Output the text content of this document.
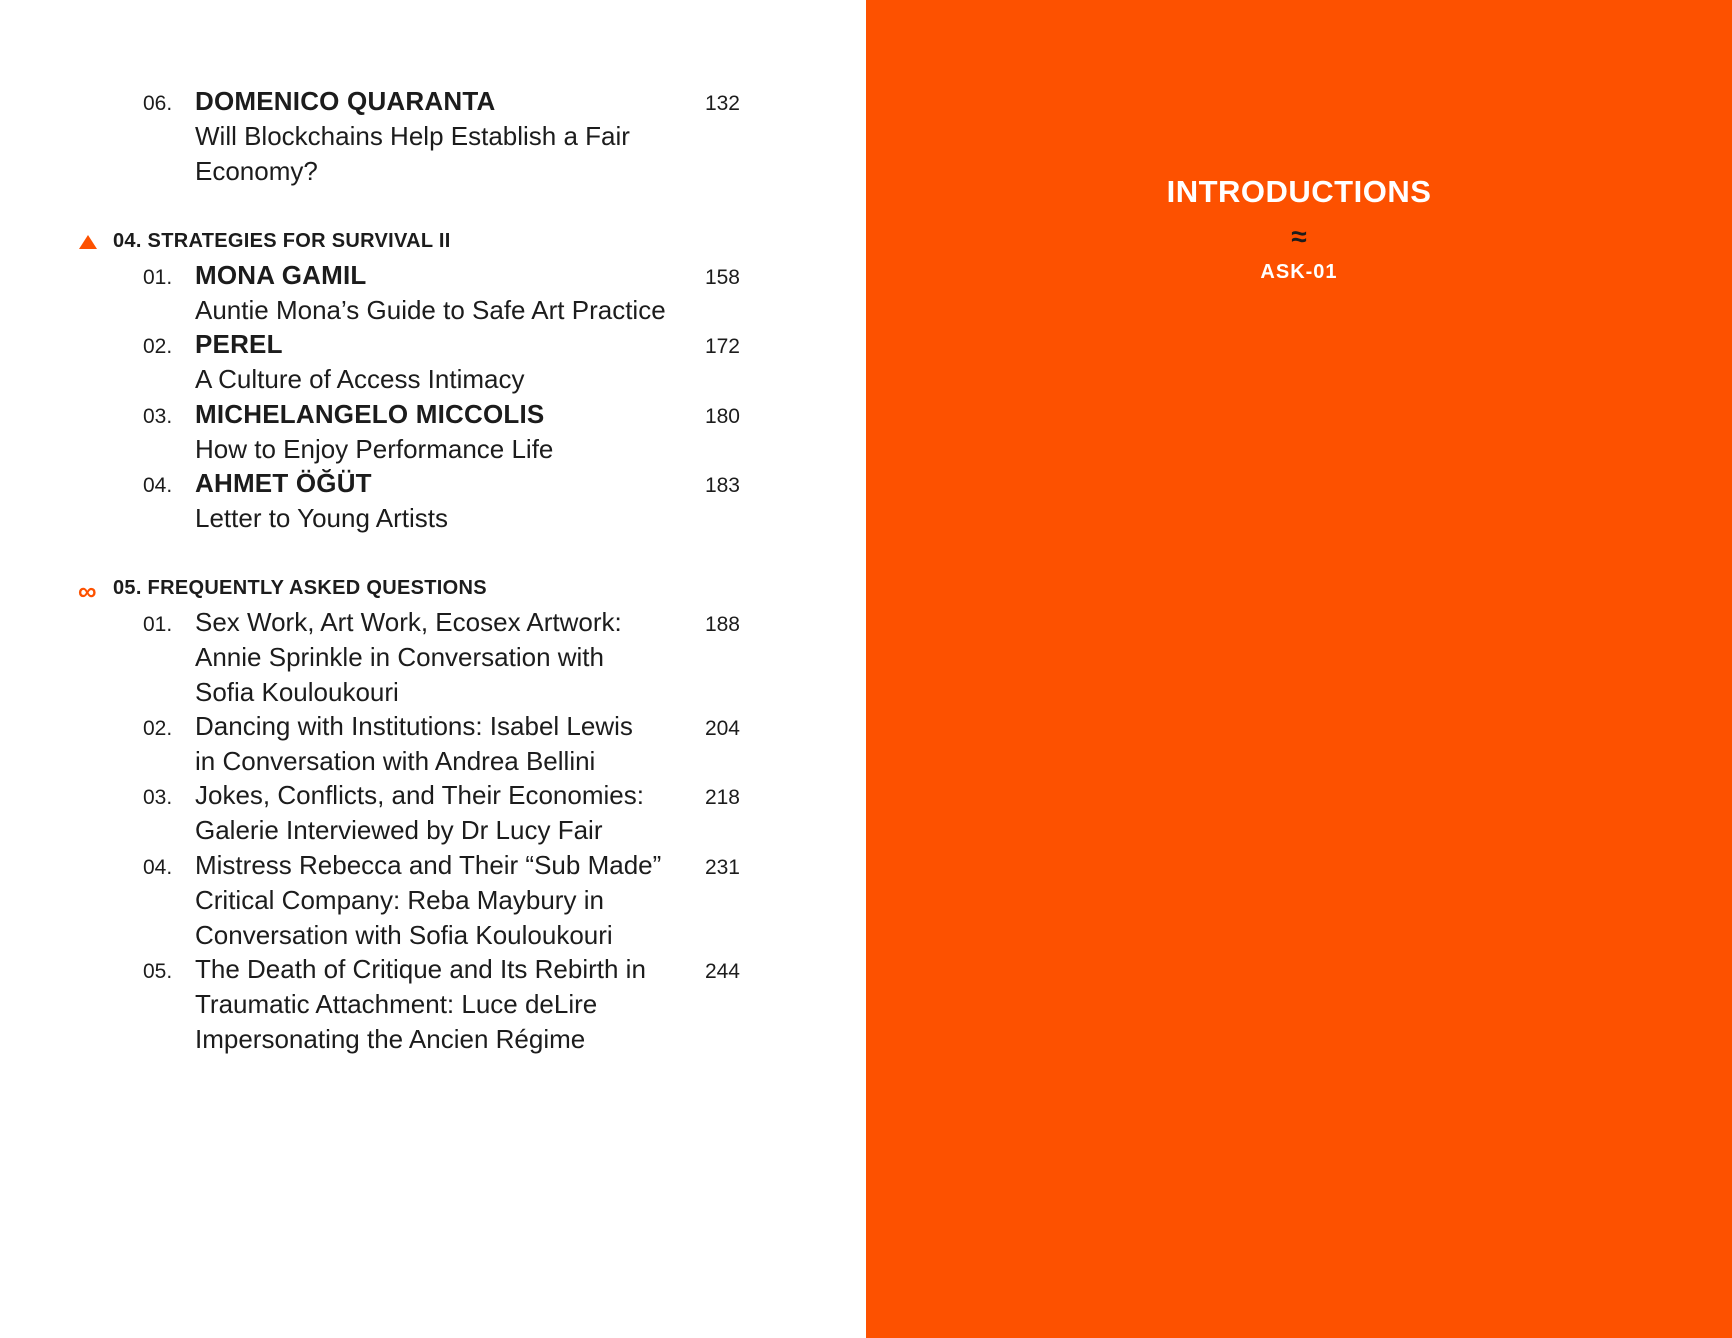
06. DOMENICO QUARANTA
Will Blockchains Help Establish a Fair
Economy?
132
04. STRATEGIES FOR SURVIVAL II
01. MONA GAMIL
Auntie Mona’s Guide to Safe Art Practice
158
02. PEREL
A Culture of Access Intimacy
172
03. MICHELANGELO MICCOLIS
How to Enjoy Performance Life
180
04. AHMET ÖĞÜT
Letter to Young Artists
183
∞ 05. FREQUENTLY ASKED QUESTIONS
01. Sex Work, Art Work, Ecosex Artwork:
Annie Sprinkle in Conversation with
Sofia Kouloukouri
188
02. Dancing with Institutions: Isabel Lewis
in Conversation with Andrea Bellini
204
03. Jokes, Conflicts, and Their Economies:
Galerie Interviewed by Dr Lucy Fair
218
04. Mistress Rebecca and Their “Sub Made”
Critical Company: Reba Maybury in
Conversation with Sofia Kouloukouri
231
05. The Death of Critique and Its Rebirth in
Traumatic Attachment: Luce deLire
Impersonating the Ancien Régime
244
INTRODUCTIONS
≈
ASK-01
